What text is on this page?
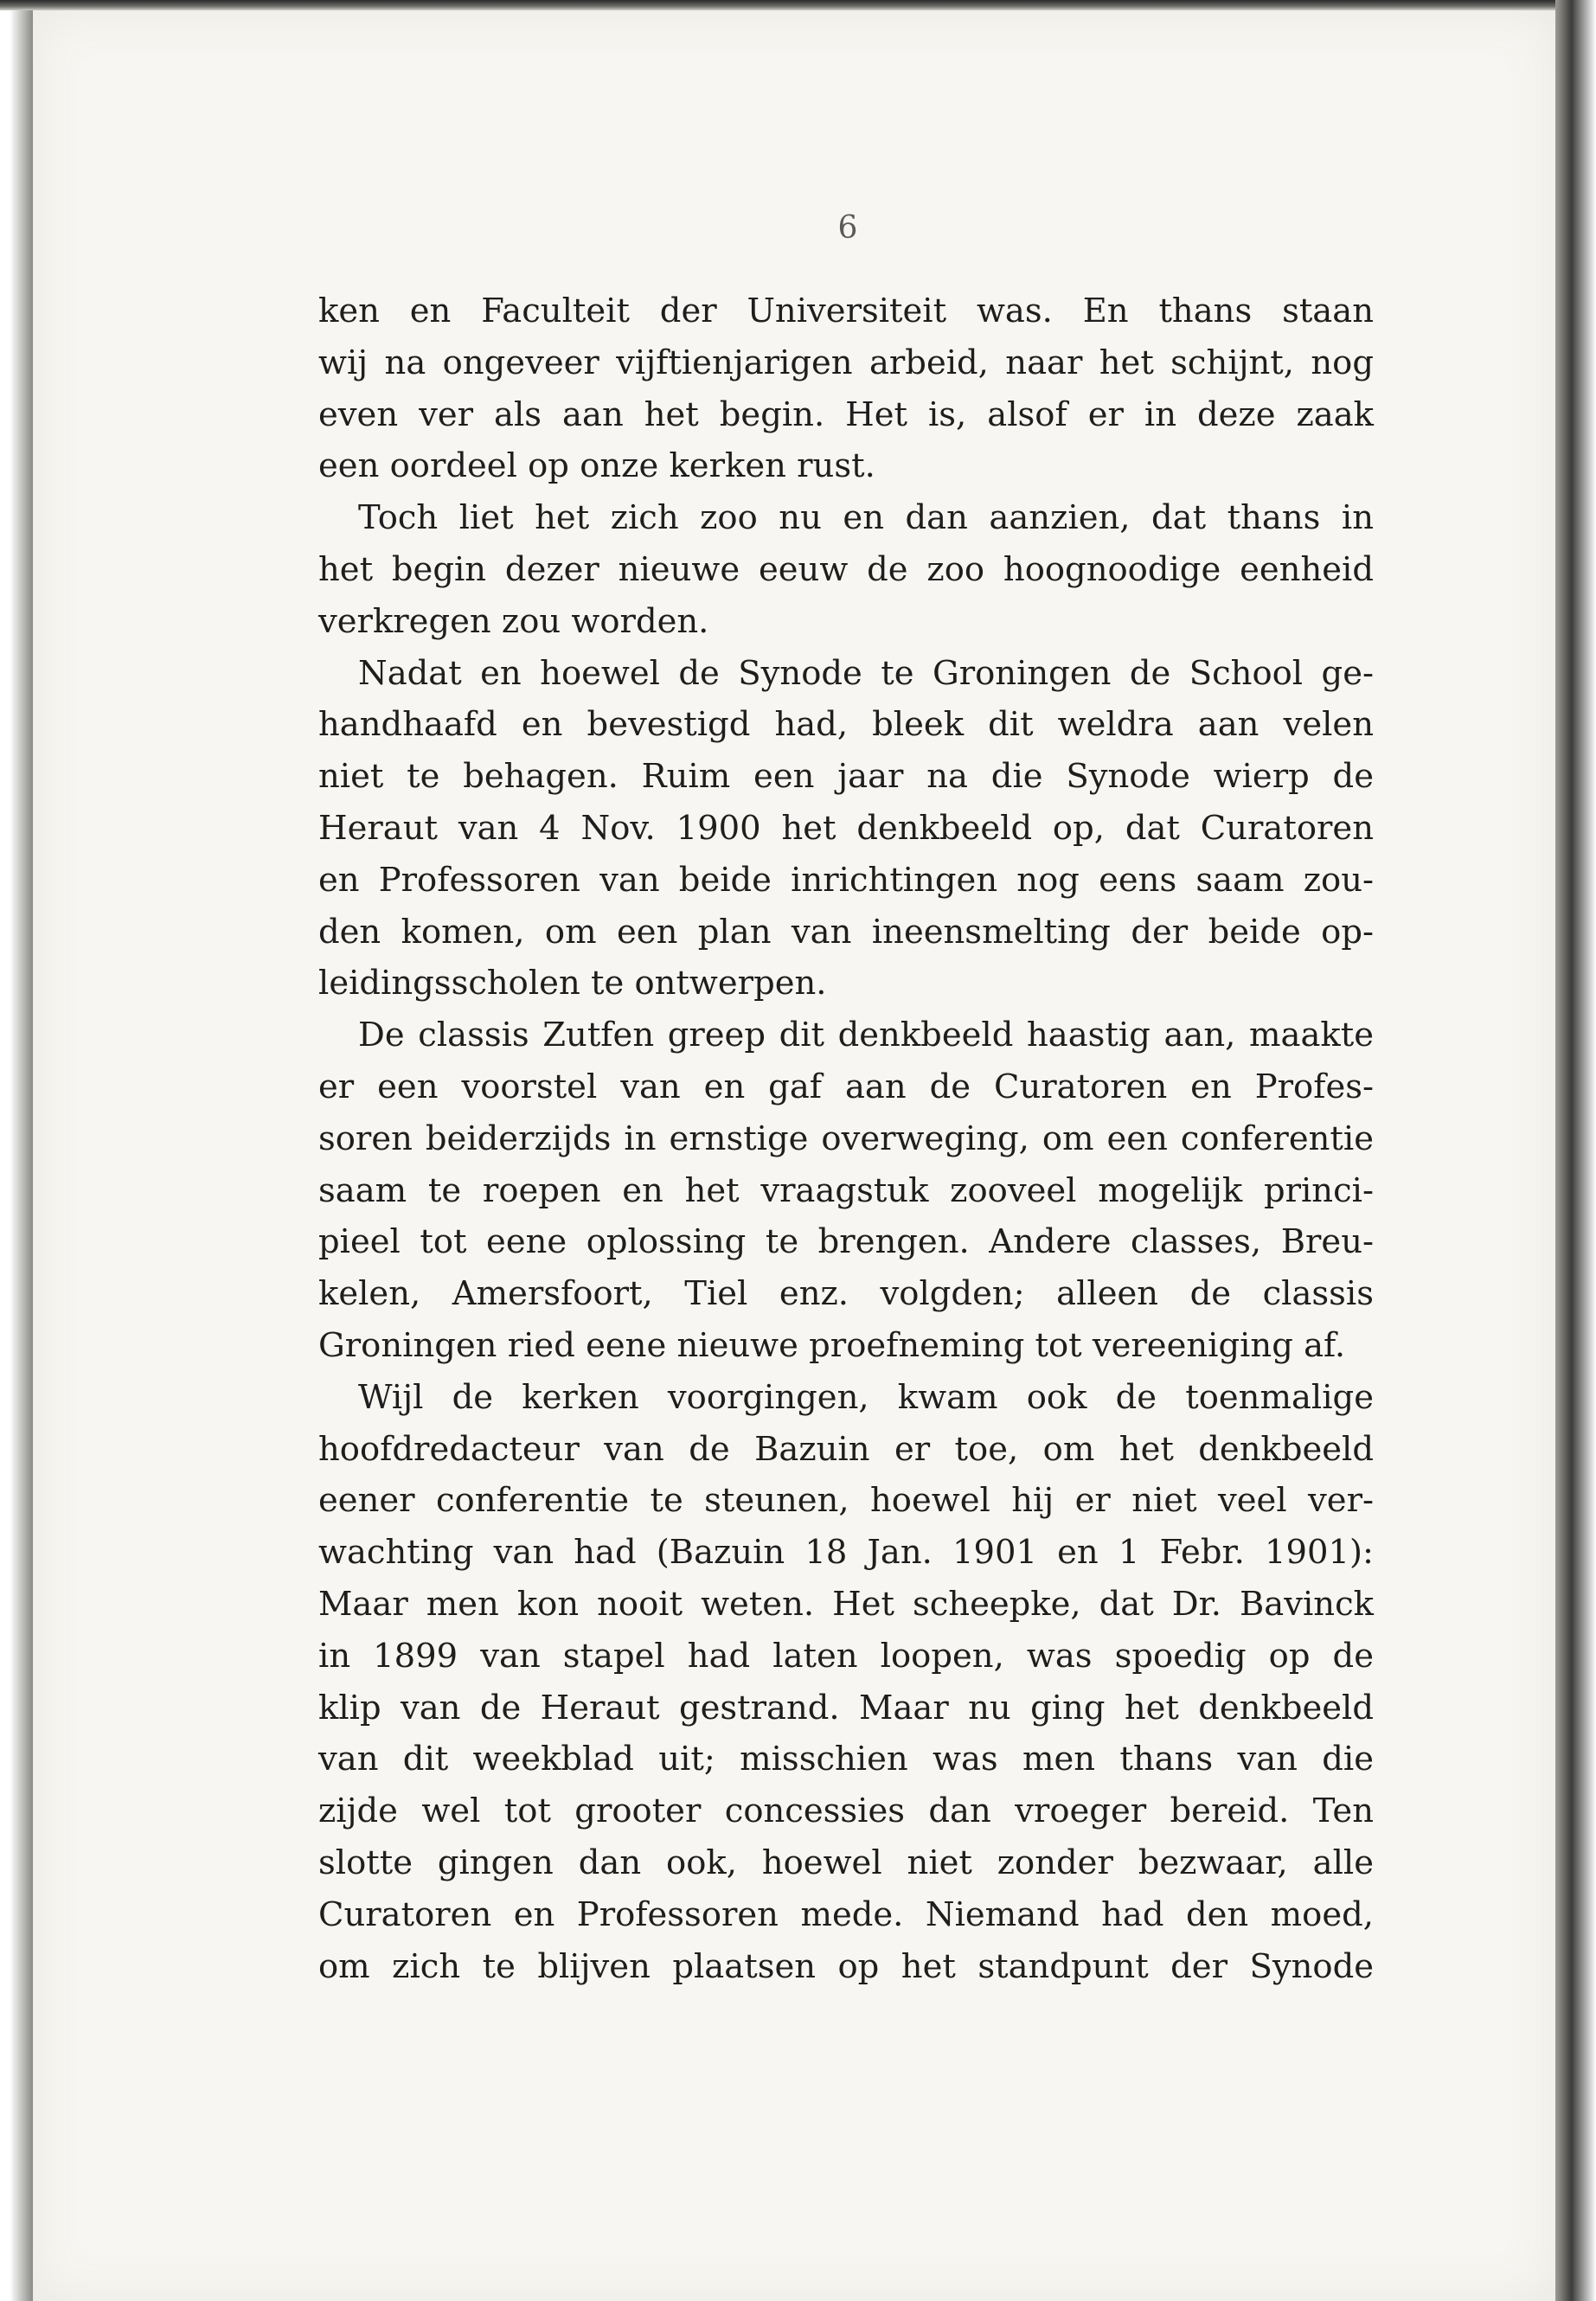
6
ken en Faculteit der Universiteit was. En thans staan
wij na ongeveer vijftienjarigen arbeid, naar het schijnt, nog
even ver als aan het begin. Het is, alsof er in deze zaak
een oordeel op onze kerken rust.
Toch liet het zich zoo nu en dan aanzien, dat thans in
het begin dezer nieuwe eeuw de zoo hoognoodige eenheid
verkregen zou worden.
Nadat en hoewel de Synode te Groningen de School ge-
handhaafd en bevestigd had, bleek dit weldra aan velen
niet te behagen. Ruim een jaar na die Synode wierp de
Heraut van 4 Nov. 1900 het denkbeeld op, dat Curatoren
en Professoren van beide inrichtingen nog eens saam zou-
den komen, om een plan van ineensmelting der beide op-
leidingsscholen te ontwerpen.
De classis Zutfen greep dit denkbeeld haastig aan, maakte
er een voorstel van en gaf aan de Curatoren en Profes-
soren beiderzijds in ernstige overweging, om een conferentie
saam te roepen en het vraagstuk zooveel mogelijk princi-
pieel tot eene oplossing te brengen. Andere classes, Breu-
kelen, Amersfoort, Tiel enz. volgden; alleen de classis
Groningen ried eene nieuwe proefneming tot vereeniging af.
Wijl de kerken voorgingen, kwam ook de toenmalige
hoofdredacteur van de Bazuin er toe, om het denkbeeld
eener conferentie te steunen, hoewel hij er niet veel ver-
wachting van had (Bazuin 18 Jan. 1901 en 1 Febr. 1901):
Maar men kon nooit weten. Het scheepke, dat Dr. Bavinck
in 1899 van stapel had laten loopen, was spoedig op de
klip van de Heraut gestrand. Maar nu ging het denkbeeld
van dit weekblad uit; misschien was men thans van die
zijde wel tot grooter concessies dan vroeger bereid. Ten
slotte gingen dan ook, hoewel niet zonder bezwaar, alle
Curatoren en Professoren mede. Niemand had den moed,
om zich te blijven plaatsen op het standpunt der Synode
